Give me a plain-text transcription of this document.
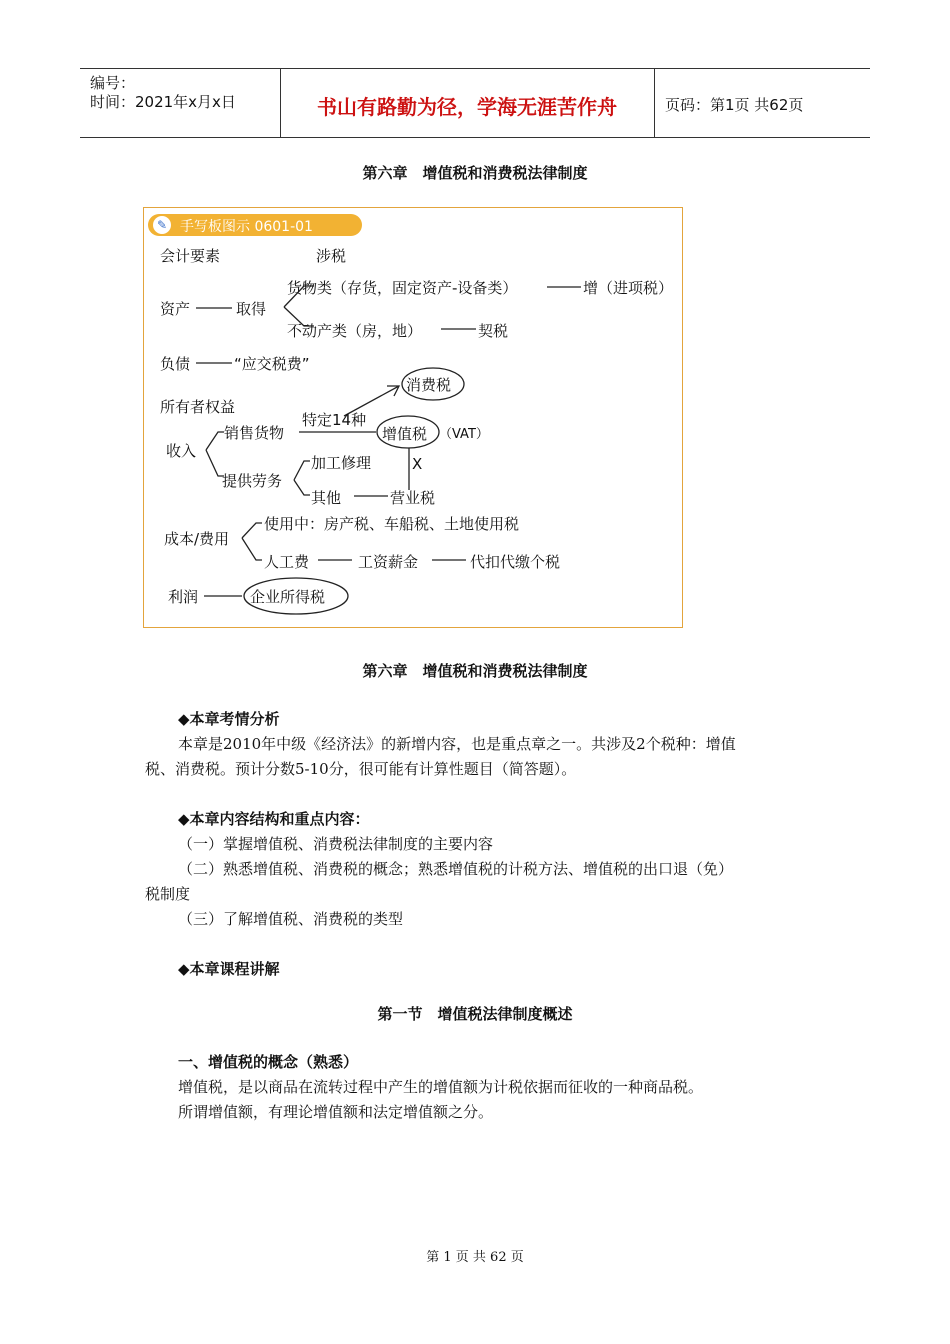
编号：
时间：2021年x月x日	书山有路勤为径，学海无涯苦作舟	页码：第1页 共62页
第六章　增值税和消费税法律制度
✎ 手写板图示 0601-01
会计要素	涉税
资产	取得
货物类（存货，固定资产-设备类）	增（进项税）
不动产类（房，地）	契税
负债	“应交税费”
所有者权益
消费税
收入
销售货物
特定14种
增值税 （VAT）
提供劳务
加工修理	X
其他	营业税
成本/费用
使用中：房产税、车船税、土地使用税
人工费	工资薪金	代扣代缴个税
利润	企业所得税
第六章　增值税和消费税法律制度
◆本章考情分析
本章是2010年中级《经济法》的新增内容，也是重点章之一。共涉及2个税种：增值
税、消费税。预计分数5-10分，很可能有计算性题目（简答题）。
◆本章内容结构和重点内容：
（一）掌握增值税、消费税法律制度的主要内容
（二）熟悉增值税、消费税的概念；熟悉增值税的计税方法、增值税的出口退（免）
税制度
（三）了解增值税、消费税的类型
◆本章课程讲解
第一节　增值税法律制度概述
一、增值税的概念（熟悉）
增值税，是以商品在流转过程中产生的增值额为计税依据而征收的一种商品税。
所谓增值额，有理论增值额和法定增值额之分。
第 1 页 共 62 页
